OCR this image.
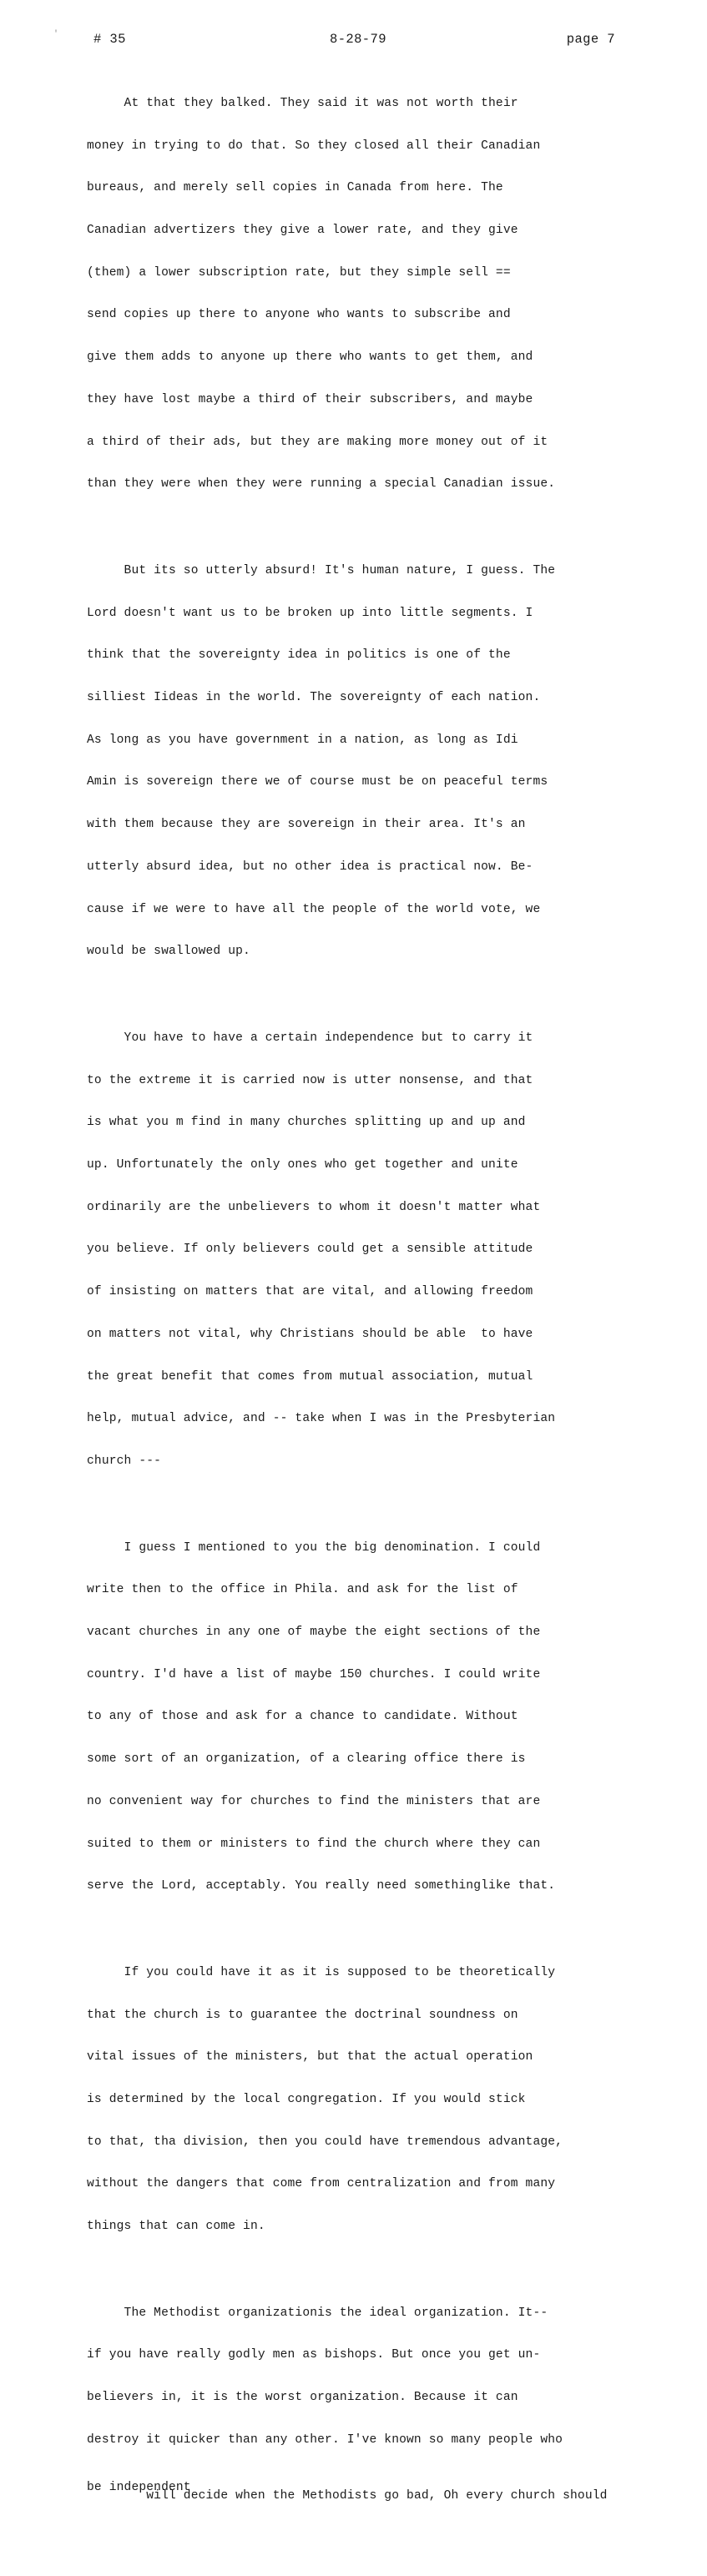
′	# 35	8-28-79	page 7

At that they balked. They said it was not worth their

money in trying to do that. So they closed all their Canadian

bureaus, and merely sell copies in Canada from here. The

Canadian advertizers they give a lower rate, and they give

(them) a lower subscription rate, but they simple sell ==

send copies up there to anyone who wants to subscribe and

give them adds to anyone up there who wants to get them, and

they have lost maybe a third of their subscribers, and maybe

a third of their ads, but they are making more money out of it

than they were when they were running a special Canadian issue.

But its so utterly absurd! It's human nature, I guess. The

Lord doesn't want us to be broken up into little segments. I

think that the sovereignty idea in politics is one of the

silliest Iideas in the world. The sovereignty of each nation.

As long as you have government in a nation, as long as Idi

Amin is sovereign there we of course must be on peaceful terms

with them because they are sovereign in their area. It's an

utterly absurd idea, but no other idea is practical now. Be-

cause if we were to have all the people of the world vote, we

would be swallowed up.

You have to have a certain independence but to carry it

to the extreme it is carried now is utter nonsense, and that

is what you m find in many churches splitting up and up and

up. Unfortunately the only ones who get together and unite

ordinarily are the unbelievers to whom it doesn't matter what

you believe. If only believers could get a sensible attitude

of insisting on matters that are vital, and allowing freedom

on matters not vital, why Christians should be able  to have

the great benefit that comes from mutual association, mutual

help, mutual advice, and -- take when I was in the Presbyterian

church ---

I guess I mentioned to you the big denomination. I could

write then to the office in Phila. and ask for the list of

vacant churches in any one of maybe the eight sections of the

country. I'd have a list of maybe 150 churches. I could write

to any of those and ask for a chance to candidate. Without

some sort of an organization, of a clearing office there is

no convenient way for churches to find the ministers that are

suited to them or ministers to find the church where they can

serve the Lord, acceptably. You really need somethinglike that.

If you could have it as it is supposed to be theoretically

that the church is to guarantee the doctrinal soundness on

vital issues of the ministers, but that the actual operation

is determined by the local congregation. If you would stick

to that, tha division, then you could have tremendous advantage,

without the dangers that come from centralization and from many

things that can come in.

The Methodist organizationis the ideal organization. It--

if you have really godly men as bishops. But once you get un-

believers in, it is the worst organization. Because it can

destroy it quicker than any other. I've known so many people who

will decide when the Methodists go bad, Oh every church should

be independent
